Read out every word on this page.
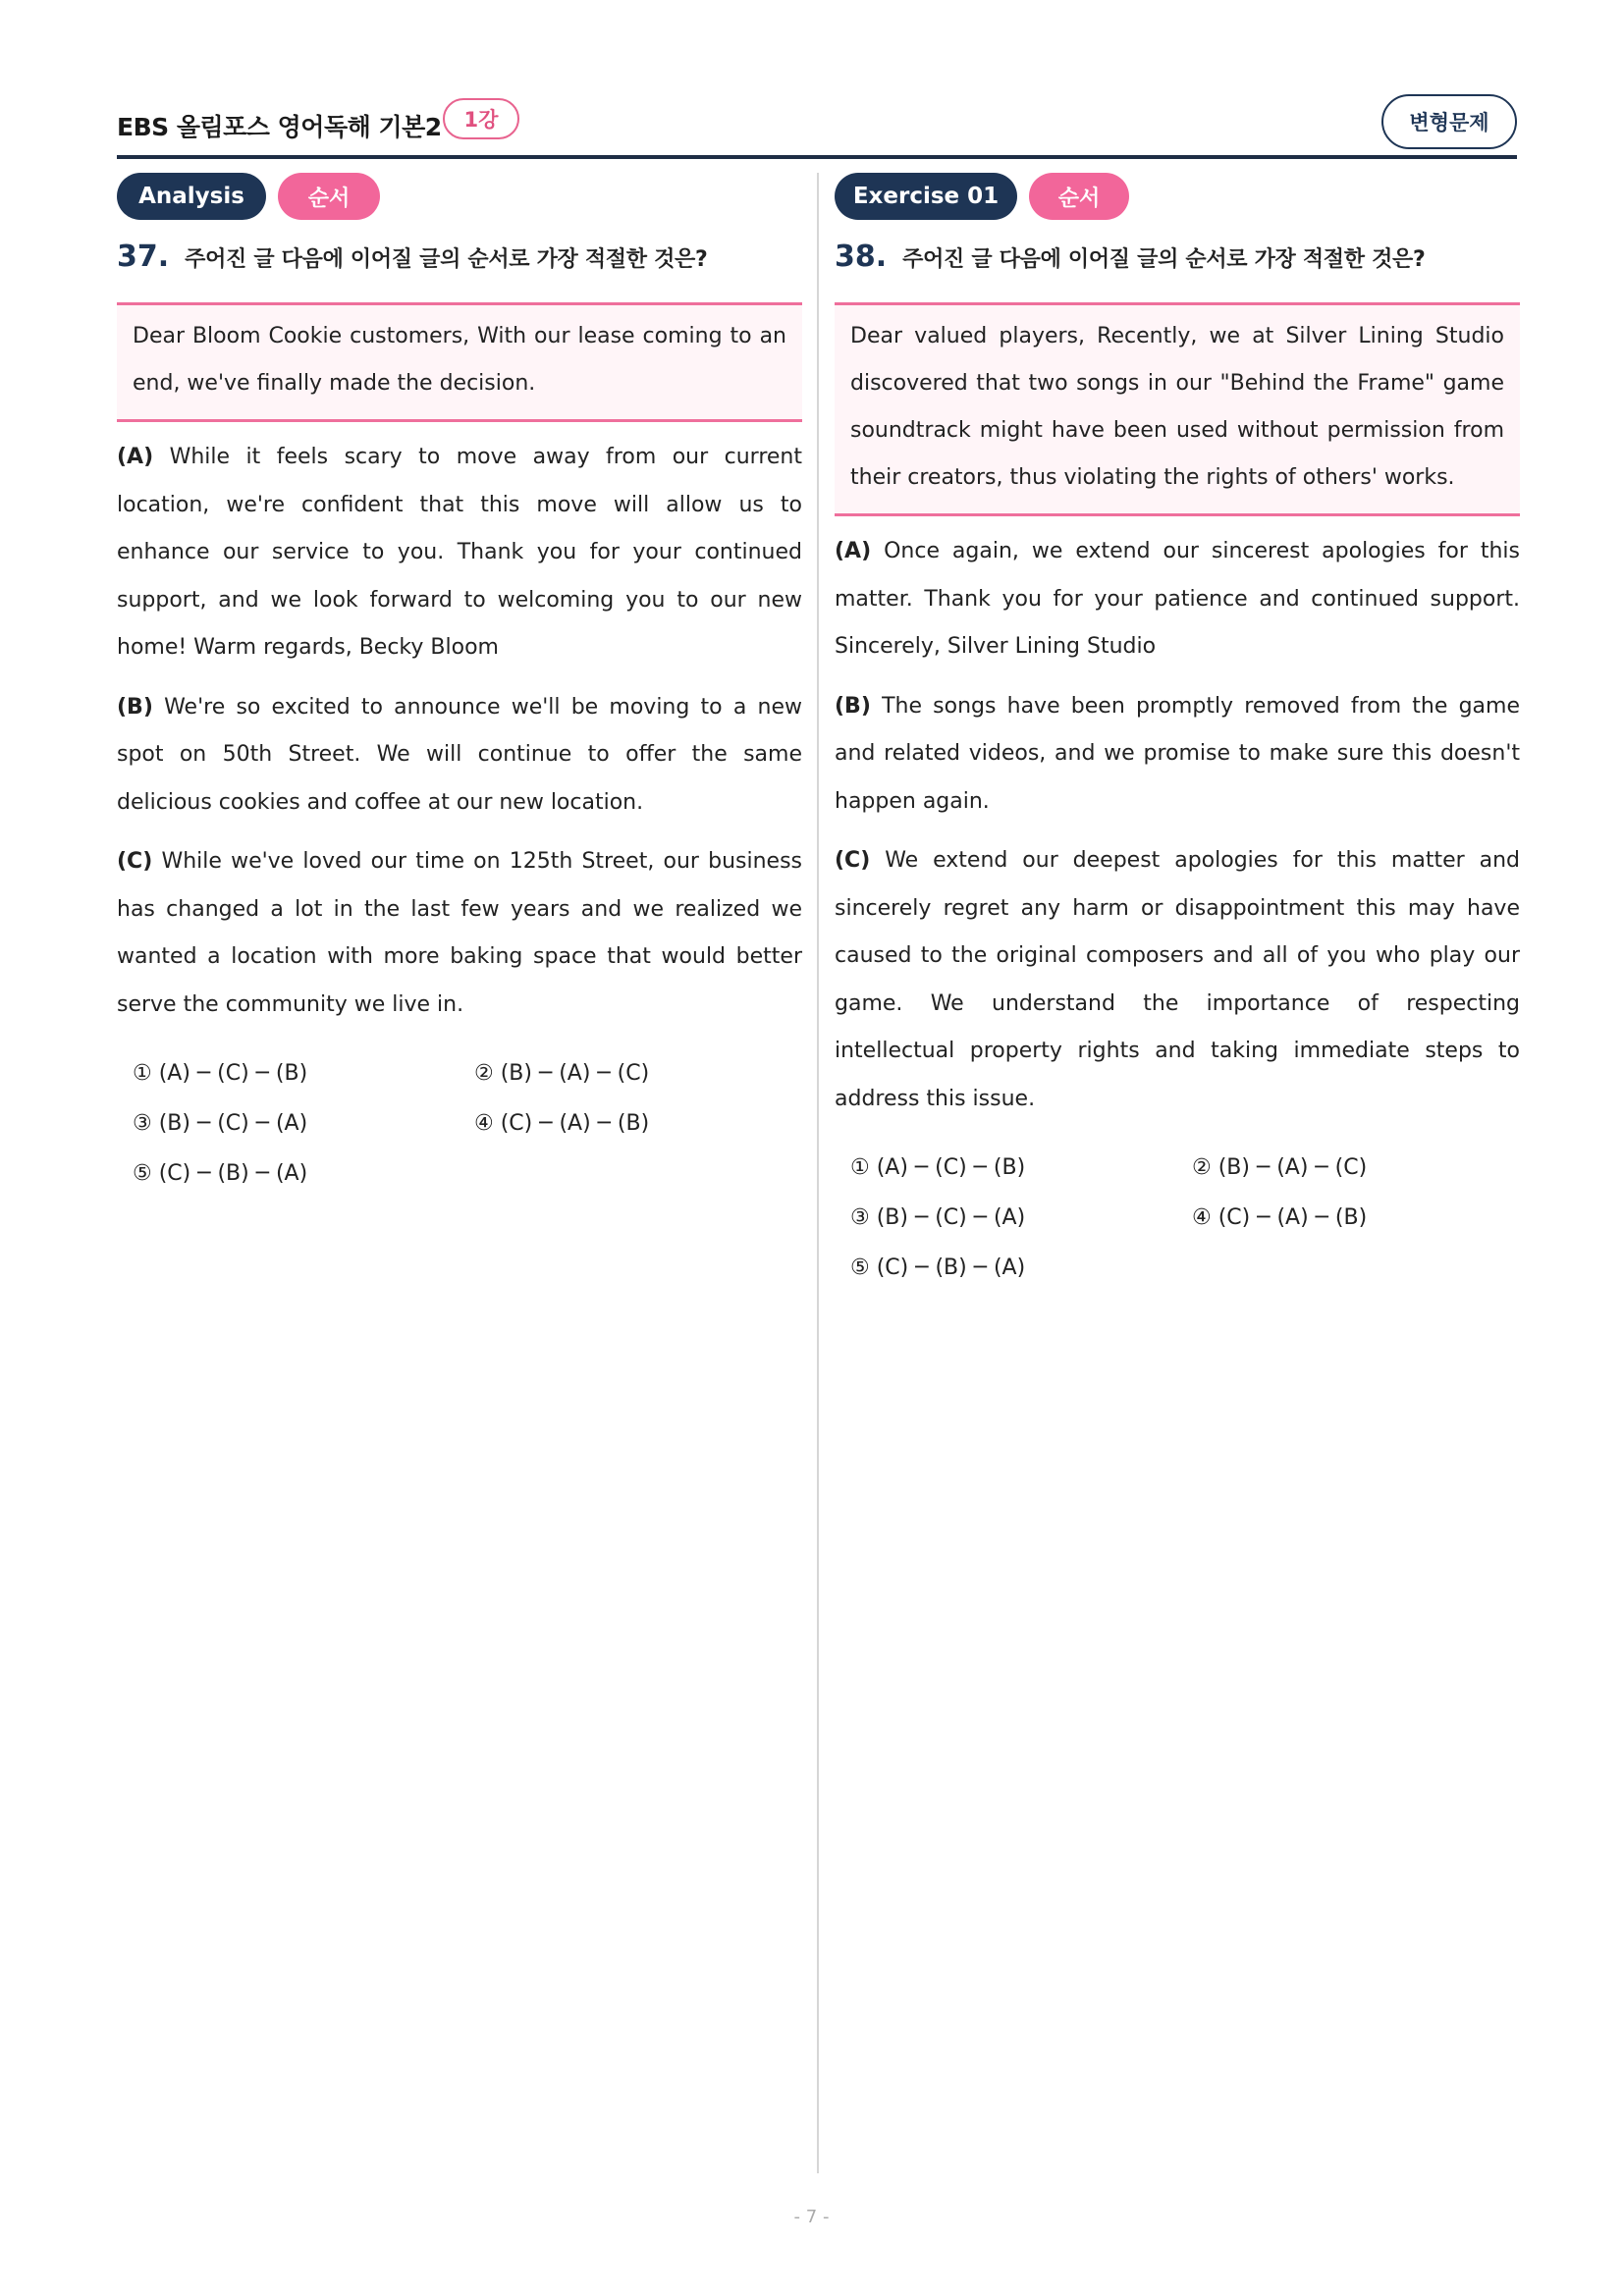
EBS 올림포스 영어독해 기본2	1강	변형문제
Analysis	순서
37. 주어진 글 다음에 이어질 글의 순서로 가장 적절한 것은?
Dear Bloom Cookie customers, With our lease coming to an end, we've finally made the decision.
(A) While it feels scary to move away from our current location, we're confident that this move will allow us to enhance our service to you. Thank you for your continued support, and we look forward to welcoming you to our new home! Warm regards, Becky Bloom
(B) We're so excited to announce we'll be moving to a new spot on 50th Street. We will continue to offer the same delicious cookies and coffee at our new location.
(C) While we've loved our time on 125th Street, our business has changed a lot in the last few years and we realized we wanted a location with more baking space that would better serve the community we live in.
① (A) ─ (C) ─ (B)	② (B) ─ (A) ─ (C)
③ (B) ─ (C) ─ (A)	④ (C) ─ (A) ─ (B)
⑤ (C) ─ (B) ─ (A)
Exercise 01	순서
38. 주어진 글 다음에 이어질 글의 순서로 가장 적절한 것은?
Dear valued players, Recently, we at Silver Lining Studio discovered that two songs in our "Behind the Frame" game soundtrack might have been used without permission from their creators, thus violating the rights of others' works.
(A) Once again, we extend our sincerest apologies for this matter. Thank you for your patience and continued support. Sincerely, Silver Lining Studio
(B) The songs have been promptly removed from the game and related videos, and we promise to make sure this doesn't happen again.
(C) We extend our deepest apologies for this matter and sincerely regret any harm or disappointment this may have caused to the original composers and all of you who play our game. We understand the importance of respecting intellectual property rights and taking immediate steps to address this issue.
① (A) ─ (C) ─ (B)	② (B) ─ (A) ─ (C)
③ (B) ─ (C) ─ (A)	④ (C) ─ (A) ─ (B)
⑤ (C) ─ (B) ─ (A)
- 7 -
